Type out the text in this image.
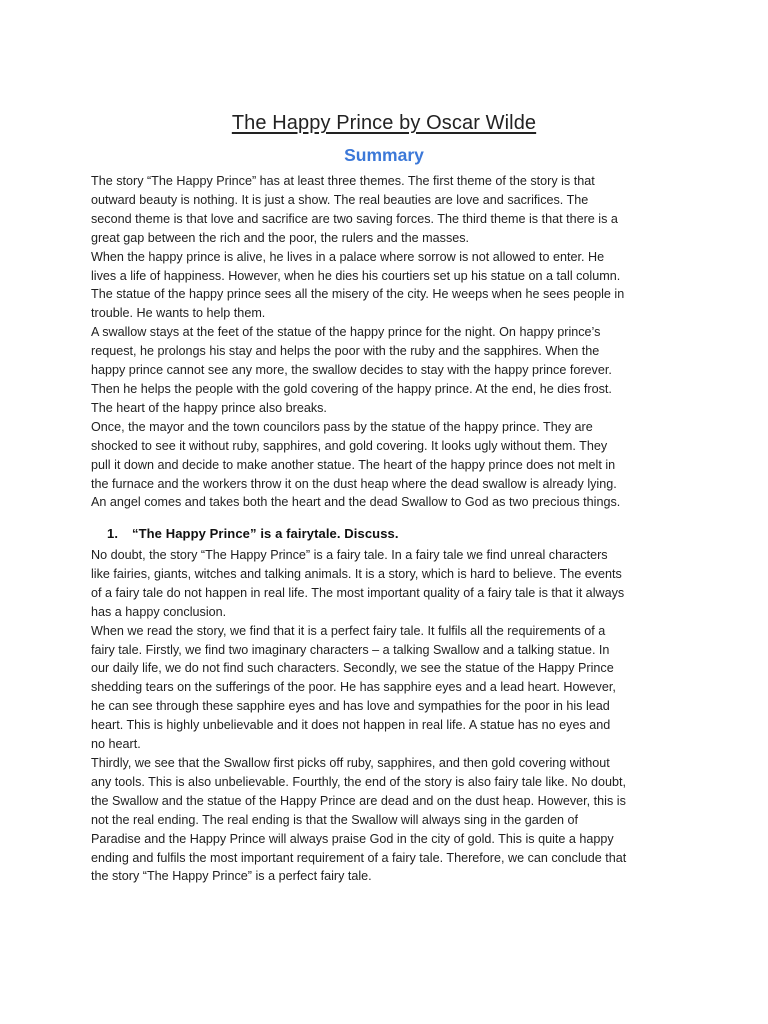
The Happy Prince by Oscar Wilde
Summary

The story “The Happy Prince” has at least three themes. The first theme of the story is that
outward beauty is nothing. It is just a show. The real beauties are love and sacrifices. The
second theme is that love and sacrifice are two saving forces. The third theme is that there is a
great gap between the rich and the poor, the rulers and the masses.

When the happy prince is alive, he lives in a palace where sorrow is not allowed to enter. He
lives a life of happiness. However, when he dies his courtiers set up his statue on a tall column.
The statue of the happy prince sees all the misery of the city. He weeps when he sees people in
trouble. He wants to help them.

A swallow stays at the feet of the statue of the happy prince for the night. On happy prince’s
request, he prolongs his stay and helps the poor with the ruby and the sapphires. When the
happy prince cannot see any more, the swallow decides to stay with the happy prince forever.
Then he helps the people with the gold covering of the happy prince. At the end, he dies frost.
The heart of the happy prince also breaks.

Once, the mayor and the town councilors pass by the statue of the happy prince. They are
shocked to see it without ruby, sapphires, and gold covering. It looks ugly without them. They
pull it down and decide to make another statue. The heart of the happy prince does not melt in
the furnace and the workers throw it on the dust heap where the dead swallow is already lying.
An angel comes and takes both the heart and the dead Swallow to God as two precious things.

1. “The Happy Prince” is a fairytale. Discuss.

No doubt, the story “The Happy Prince” is a fairy tale. In a fairy tale we find unreal characters
like fairies, giants, witches and talking animals. It is a story, which is hard to believe. The events
of a fairy tale do not happen in real life. The most important quality of a fairy tale is that it always
has a happy conclusion.

When we read the story, we find that it is a perfect fairy tale. It fulfils all the requirements of a
fairy tale. Firstly, we find two imaginary characters – a talking Swallow and a talking statue. In
our daily life, we do not find such characters. Secondly, we see the statue of the Happy Prince
shedding tears on the sufferings of the poor. He has sapphire eyes and a lead heart. However,
he can see through these sapphire eyes and has love and sympathies for the poor in his lead
heart. This is highly unbelievable and it does not happen in real life. A statue has no eyes and
no heart.

Thirdly, we see that the Swallow first picks off ruby, sapphires, and then gold covering without
any tools. This is also unbelievable. Fourthly, the end of the story is also fairy tale like. No doubt,
the Swallow and the statue of the Happy Prince are dead and on the dust heap. However, this is
not the real ending. The real ending is that the Swallow will always sing in the garden of
Paradise and the Happy Prince will always praise God in the city of gold. This is quite a happy
ending and fulfils the most important requirement of a fairy tale. Therefore, we can conclude that
the story “The Happy Prince” is a perfect fairy tale.
